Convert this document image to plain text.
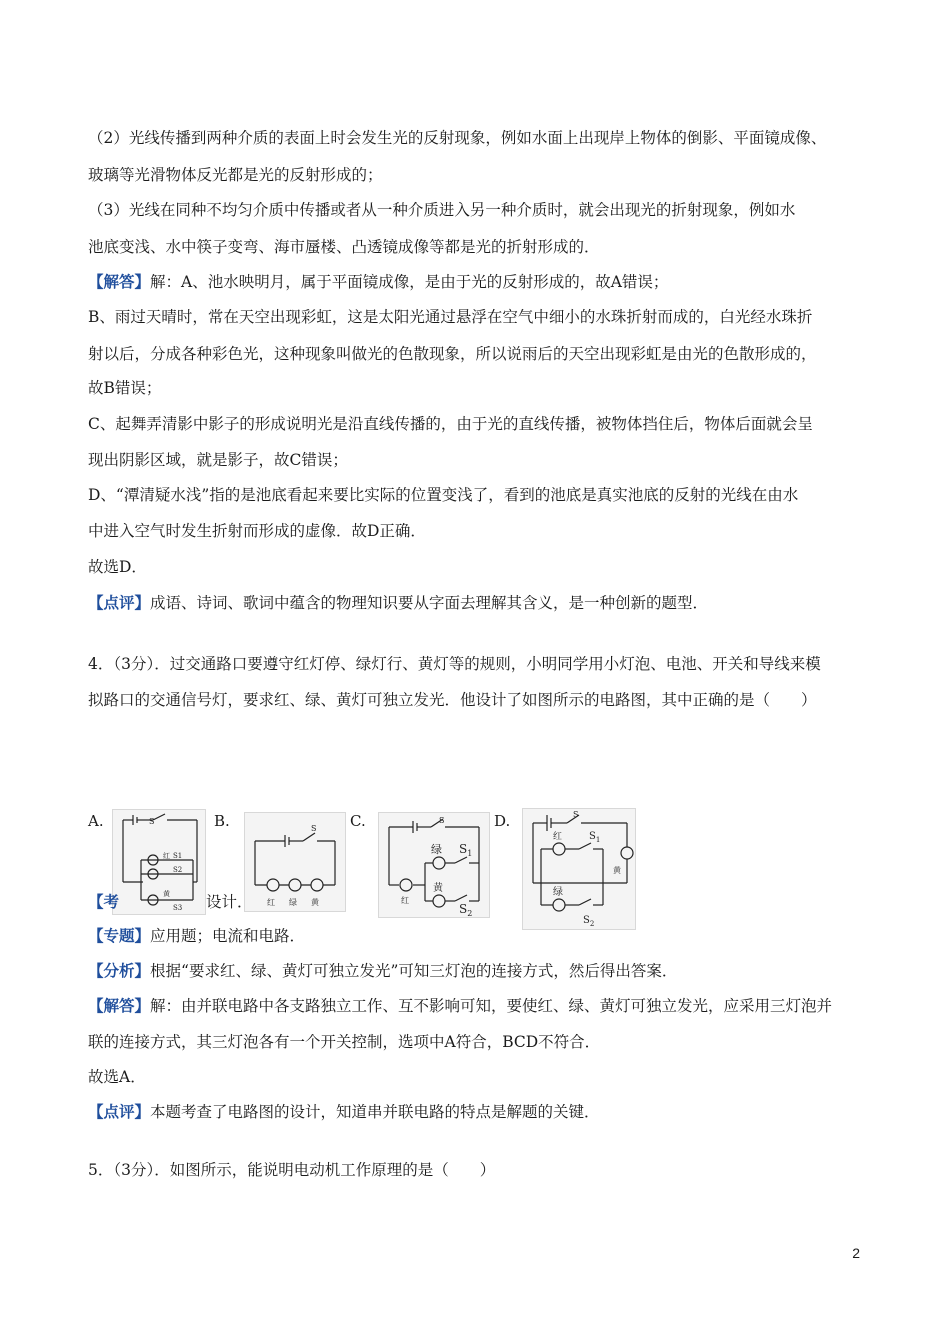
（2）光线传播到两种介质的表面上时会发生光的反射现象，例如水面上出现岸上物体的倒影、平面镜成像、
玻璃等光滑物体反光都是光的反射形成的；
（3）光线在同种不均匀介质中传播或者从一种介质进入另一种介质时，就会出现光的折射现象，例如水
池底变浅、水中筷子变弯、海市蜃楼、凸透镜成像等都是光的折射形成的．
【解答】解：A、池水映明月，属于平面镜成像，是由于光的反射形成的，故A错误；
B、雨过天晴时，常在天空出现彩虹，这是太阳光通过悬浮在空气中细小的水珠折射而成的，白光经水珠折
射以后，分成各种彩色光，这种现象叫做光的色散现象，所以说雨后的天空出现彩虹是由光的色散形成的，
故B错误；
C、起舞弄清影中影子的形成说明光是沿直线传播的，由于光的直线传播，被物体挡住后，物体后面就会呈
现出阴影区域，就是影子，故C错误；
D、“潭清疑水浅”指的是池底看起来要比实际的位置变浅了，看到的池底是真实池底的反射的光线在由水
中进入空气时发生折射而形成的虚像．故D正确．
故选D．
【点评】成语、诗词、歌词中蕴含的物理知识要从字面去理解其含义，是一种创新的题型．
4．（3分）．过交通路口要遵守红灯停、绿灯行、黄灯等的规则，小明同学用小灯泡、电池、开关和导线来模
拟路口的交通信号灯，要求红、绿、黄灯可独立发光．他设计了如图所示的电路图，其中正确的是（　　）
A.	B.	C.	D.
S
红 S1
S2
黄
S3
S
红 绿 黄
S
绿 $S_1$
黄
红
$S_2$
S
红	$S_1$
黄
绿
$S_2$
【考	设计．
【专题】应用题；电流和电路．
【分析】根据“要求红、绿、黄灯可独立发光”可知三灯泡的连接方式，然后得出答案．
【解答】解：由并联电路中各支路独立工作、互不影响可知，要使红、绿、黄灯可独立发光，应采用三灯泡并
联的连接方式，其三灯泡各有一个开关控制，选项中A符合，BCD不符合．
故选A．
【点评】本题考查了电路图的设计，知道串并联电路的特点是解题的关键．
5．（3分）．如图所示，能说明电动机工作原理的是（　　）
2
